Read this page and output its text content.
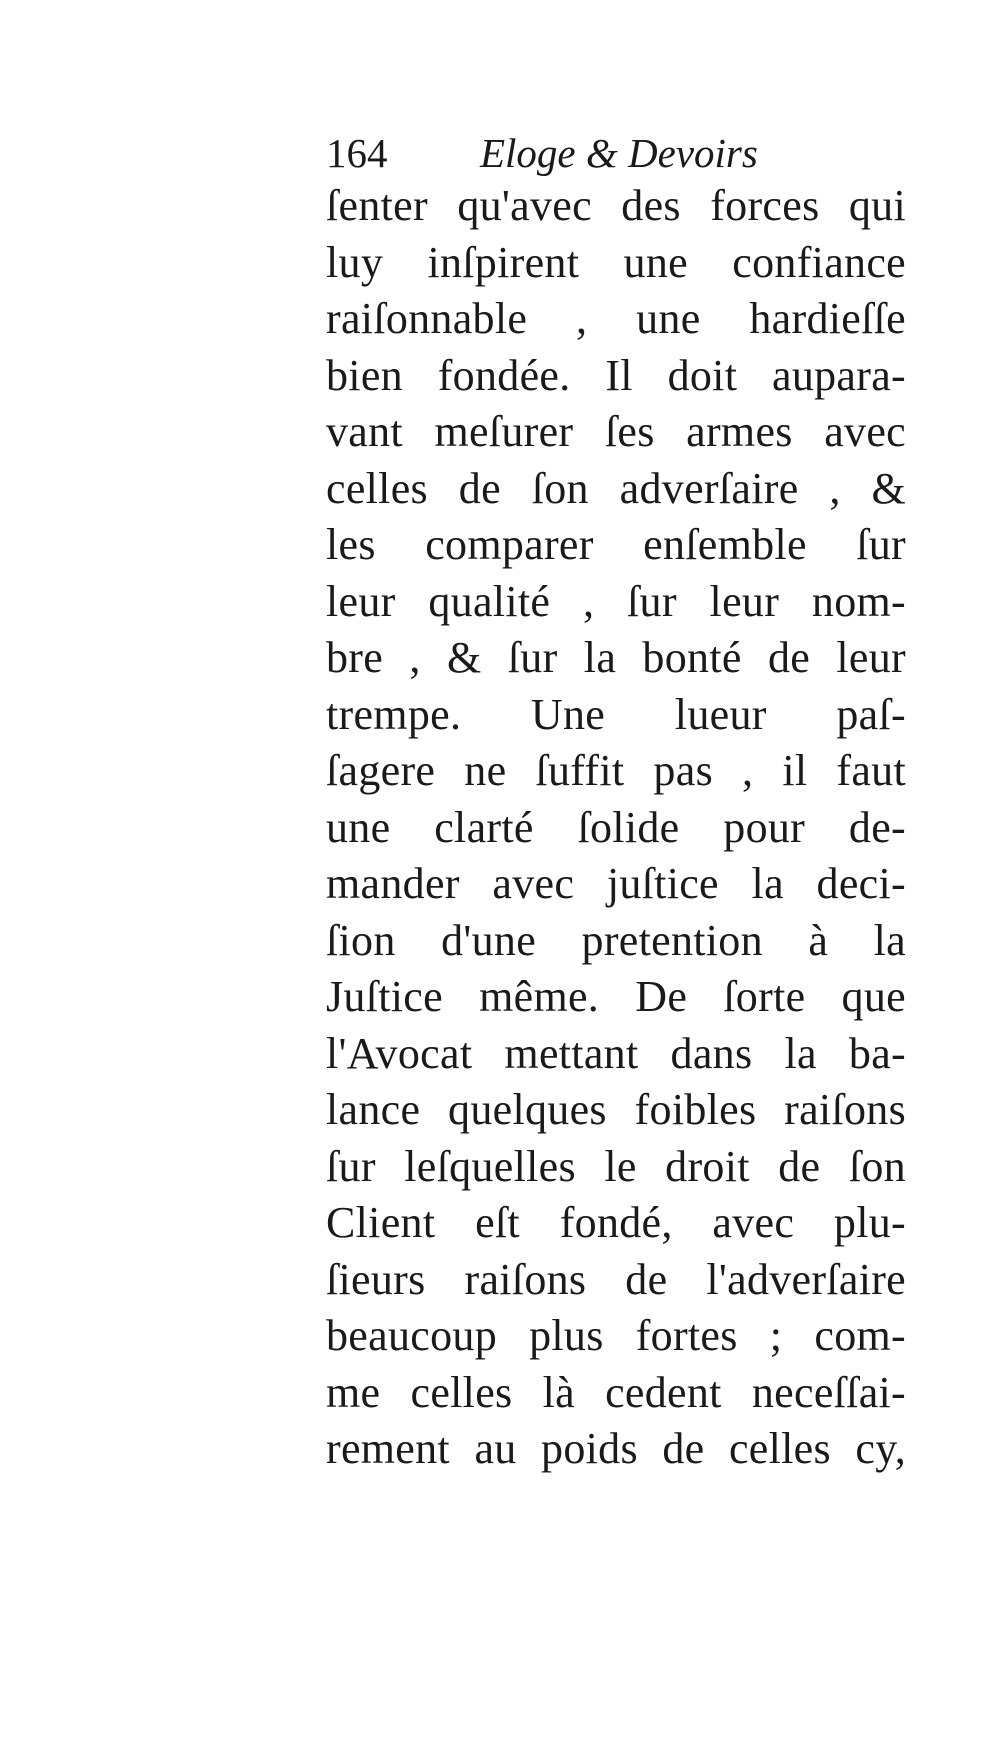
164 Eloge & Devoirs
ſenter qu'avec des forces qui
luy inſpirent une confiance
raiſonnable , une hardieſſe
bien fondée. Il doit aupara-
vant meſurer ſes armes avec
celles de ſon adverſaire , &
les comparer enſemble ſur
leur qualité , ſur leur nom-
bre , & ſur la bonté de leur
trempe. Une lueur paſ-
ſagere ne ſuffit pas , il faut
une clarté ſolide pour de-
mander avec juſtice la deci-
ſion d'une pretention à la
Juſtice même. De ſorte que
l'Avocat mettant dans la ba-
lance quelques foibles raiſons
ſur leſquelles le droit de ſon
Client eſt fondé, avec plu-
ſieurs raiſons de l'adverſaire
beaucoup plus fortes ; com-
me celles là cedent neceſſai-
rement au poids de celles cy,
